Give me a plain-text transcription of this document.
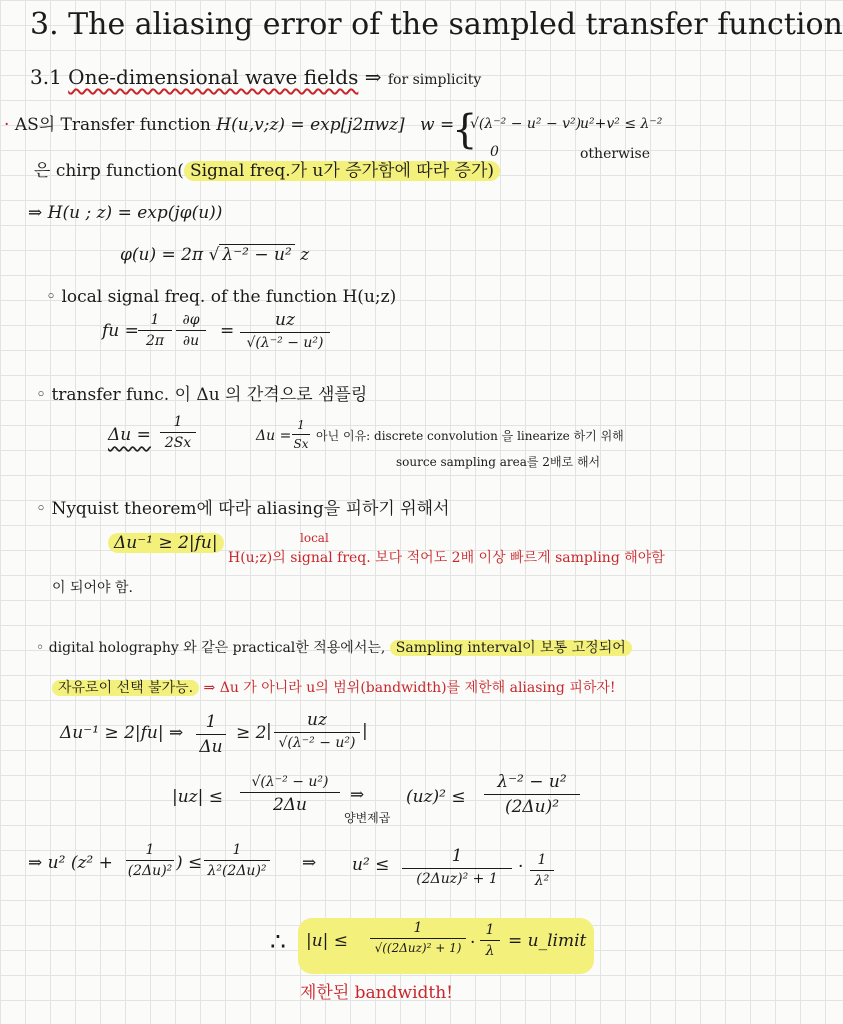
3. The aliasing error of the sampled transfer function
3.1 One-dimensional wave fields ⇒ for simplicity
· AS의 Transfer function H(u,v;z) = exp[j2πwz] w =
{
√(λ⁻² − u² − v²)
0
u²+v² ≤ λ⁻²
otherwise
은 chirp function( Signal freq.가 u가 증가함에 따라 증가)
⇒ H(u ; z) = exp(jφ(u))
φ(u) = 2π √ λ⁻² − u² z
◦ local signal freq. of the function H(u;z)
fu =
1
2π
∂φ
∂u	=
uz
√(λ⁻² − u²)
◦ transfer func. 이 Δu 의 간격으로 샘플링
Δu =
1
2Sx	Δu =
1
Sx
아닌 이유: discrete convolution 을 linearize 하기 위해
source sampling area를 2배로 해서
◦ Nyquist theorem에 따라 aliasing을 피하기 위해서
Δu⁻¹ ≥ 2|fu|	local
H(u;z)의 signal freq. 보다 적어도 2배 이상 빠르게 sampling 해야함
이 되어야 함.
◦ digital holography 와 같은 practical한 적용에서는, Sampling interval이 보통 고정되어
자유로이 선택 불가능. ⇒ Δu 가 아니라 u의 범위(bandwidth)를 제한해 aliasing 피하자!
Δu⁻¹ ≥ 2|fu| ⇒
1
Δu
≥ 2 |
uz
√(λ⁻² − u²)
|
|uz| ≤
√(λ⁻² − u²)
2Δu	⇒
양변제곱
(uz)² ≤
λ⁻² − u²
(2Δu)²
⇒ u² (z² +
1
(2Δu)² ) ≤
1
λ²(2Δu)² ⇒ u² ≤	1
(2Δuz)² + 1
·	1
λ²
∴ |u| ≤
1
√((2Δuz)² + 1) ·
1
λ = u_limit
제한된 bandwidth!
